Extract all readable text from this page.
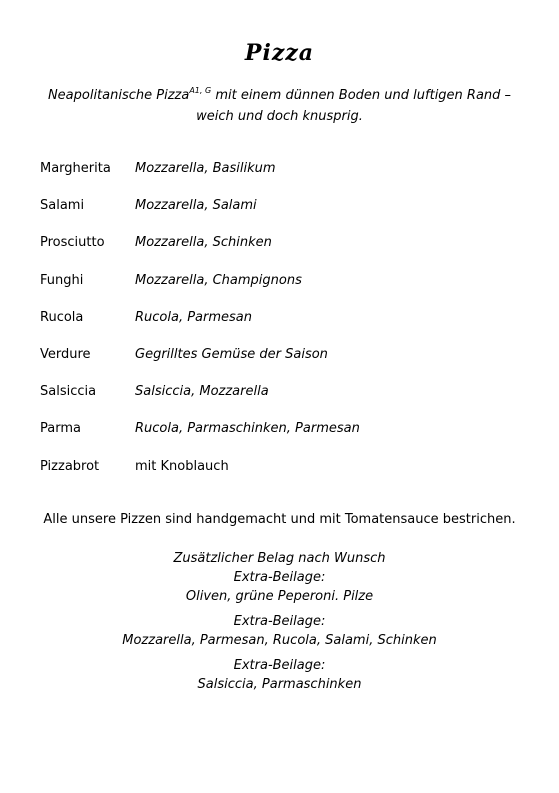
Pizza
Neapolitanische Pizza$^{A1, G}$ mit einem dünnen Boden und luftigen Rand –
weich und doch knusprig.
Margherita	Mozzarella, Basilikum
Salami	Mozzarella, Salami
Prosciutto	Mozzarella, Schinken
Funghi	Mozzarella, Champignons
Rucola	Rucola, Parmesan
Verdure	Gegrilltes Gemüse der Saison
Salsiccia	Salsiccia, Mozzarella
Parma	Rucola, Parmaschinken, Parmesan
Pizzabrot	mit Knoblauch
Alle unsere Pizzen sind handgemacht und mit Tomatensauce bestrichen.
Zusätzlicher Belag nach Wunsch
Extra-Beilage:
Oliven, grüne Peperoni. Pilze
Extra-Beilage:
Mozzarella, Parmesan, Rucola, Salami, Schinken
Extra-Beilage:
Salsiccia, Parmaschinken
